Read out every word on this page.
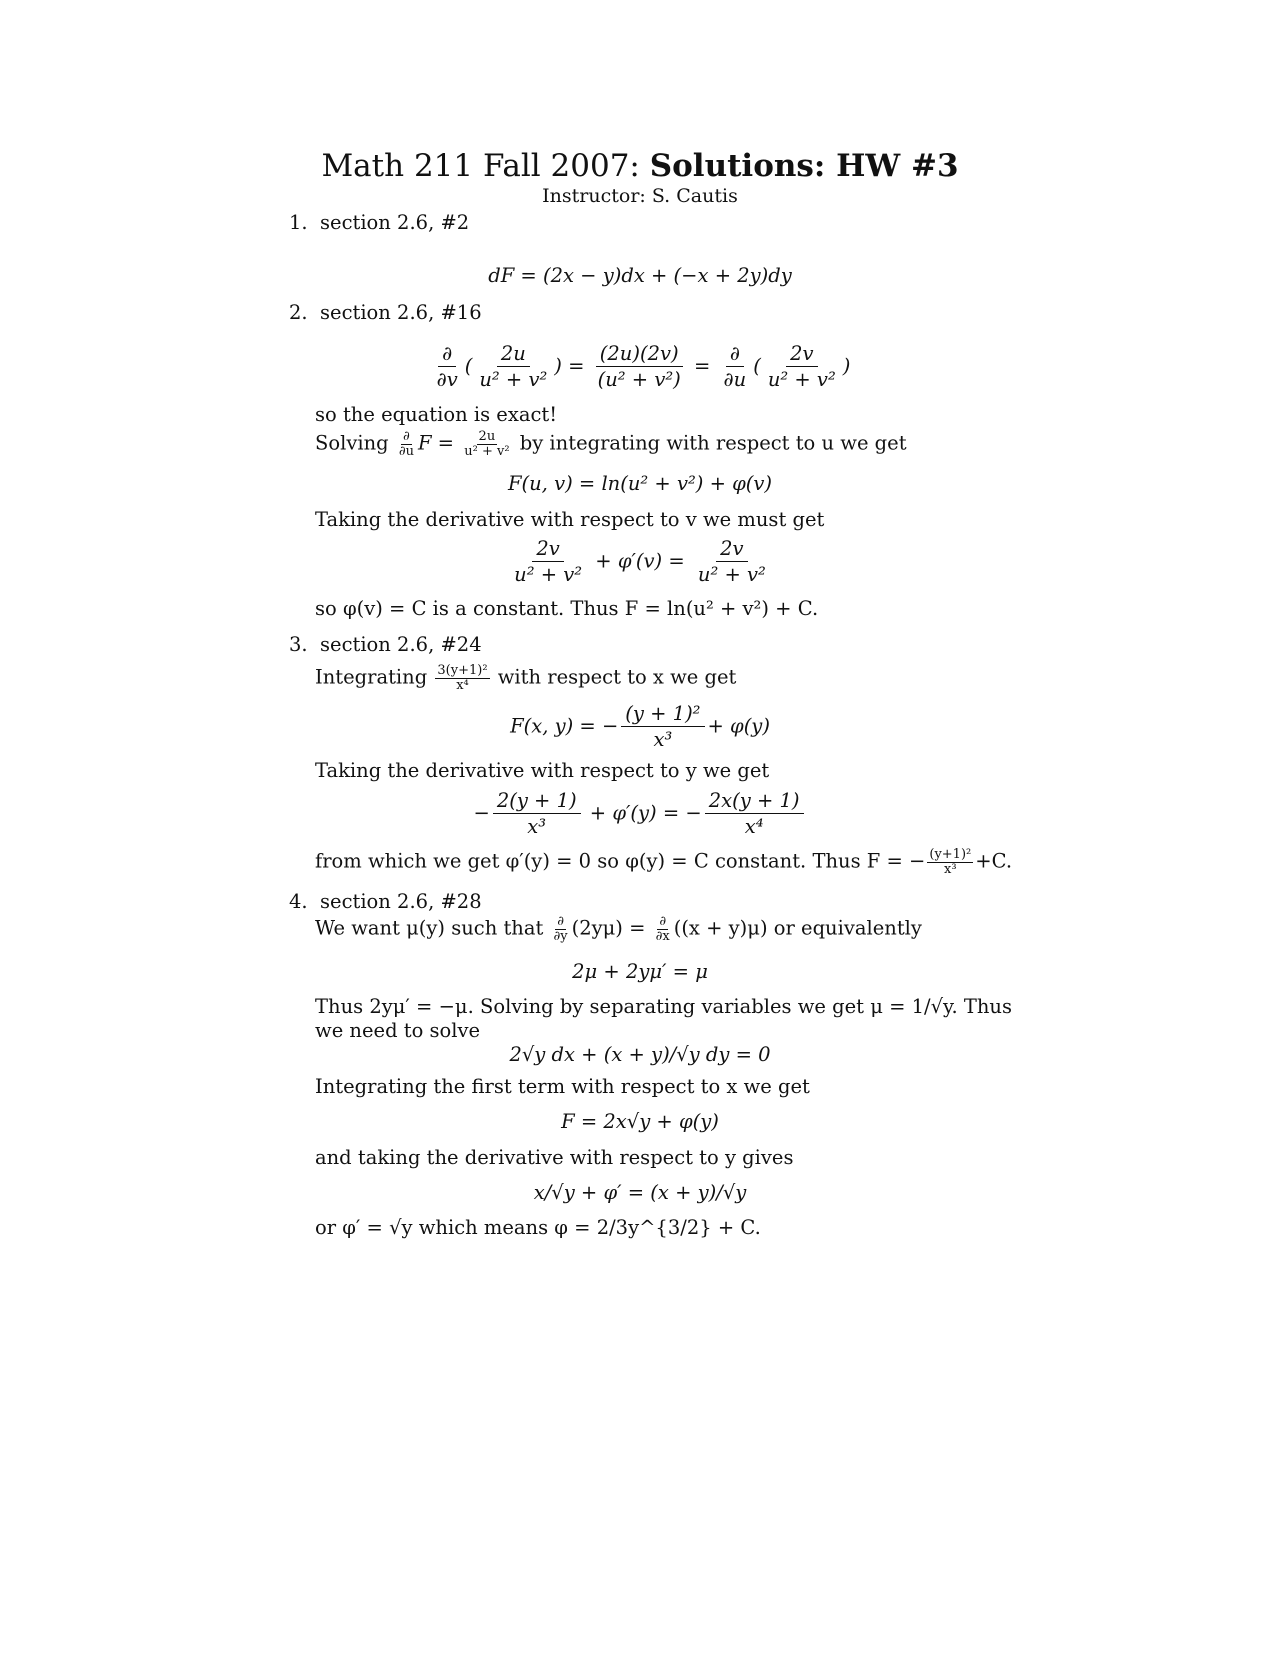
Math 211 Fall 2007: Solutions: HW #3
Instructor: S. Cautis
1. section 2.6, #2
dF = (2x − y)dx + (−x + 2y)dy
2. section 2.6, #16
$\frac{\partial}{\partial v}$ ( $\frac{2u}{\text{u² + v²}}$ ) = $\frac{(2u)(2v)}{\text{(u² + v²)}} = \frac{\partial}{\partial u}$ ( $\frac{2v}{\text{u² + v²}}$ )
so the equation is exact!
Solving $\frac{\partial}{\partial u}$ $F = \frac{2u}{\text{u² + v²}}$ by integrating with respect to u we get
F(u, v) = ln(u² + v²) + φ(v)
Taking the derivative with respect to v we must get
$\frac{2v}{\text{u² + v²}} + \varphi'(v) = \frac{2v}{\text{u² + v²}}$
so φ(v) = C is a constant. Thus F = ln(u² + v²) + C.
3. section 2.6, #24
Integrating $\frac{\text{3(y+1)²}}{\text{x⁴}}$ with respect to x we get
F(x, y) = − $\frac{\text{(y + 1)²}}{\text{x³}} + \varphi(y)$
Taking the derivative with respect to y we get
− $\frac{2(y + 1)}{\text{x³}} + \varphi'(y)$ = − $\frac{2x(y + 1)}{\text{x⁴}}$
from which we get φ′(y) = 0 so φ(y) = C constant. Thus F = − $\frac{\text{(y+1)²}}{\text{x³}} +C$.
4. section 2.6, #28
We want μ(y) such that $\frac{\partial}{\partial y} (2y\mu) = \frac{\partial}{\partial x} ((x + y)\mu)$ or equivalently
2μ + 2yμ′ = μ
Thus 2yμ′ = −μ. Solving by separating variables we get μ = 1/√y. Thus
we need to solve
2√y dx + (x + y)/√y dy = 0
Integrating the first term with respect to x we get
F = 2x√y + φ(y)
and taking the derivative with respect to y gives
x/√y + φ′ = (x + y)/√y
or φ′ = √y which means φ = 2/3y^{3/2} + C.
